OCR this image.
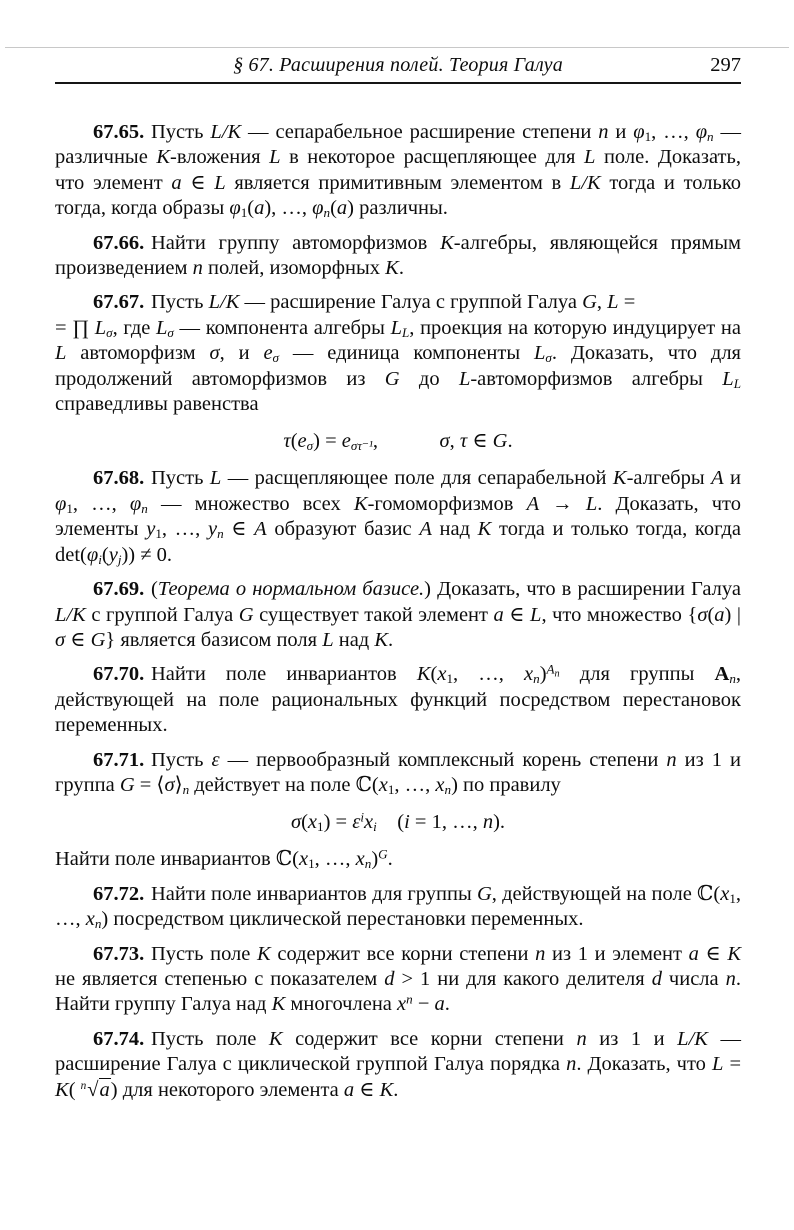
§ 67. Расширения полей. Теория Галуа	297

67.65. Пусть L/K — сепарабельное расширение степени n и $\varphi_1$, …, $\varphi_n$ — различные K-вложения L в некоторое расщепляющее для L поле. Доказать, что элемент a ∈ L является примитивным элементом в L/K тогда и только тогда, когда образы $\varphi_1(a)$, …, $\varphi_n(a)$ различны.

67.66. Найти группу автоморфизмов K-алгебры, являющейся прямым произведением n полей, изоморфных K.

67.67. Пусть L/K — расширение Галуа с группой Галуа G, L =
= ∏ $L_\sigma$, где $L_\sigma$ — компонента алгебры $L_L$, проекция на которую индуцирует на L автоморфизм σ, и $e_\sigma$ — единица компоненты $L_\sigma$. Доказать, что для продолжений автоморфизмов из G до L-автоморфизмов алгебры $L_L$ справедливы равенства

$\tau(e_\sigma) = e_{\sigma\tau^{-1}}$,   σ, τ ∈ G.

67.68. Пусть L — расщепляющее поле для сепарабельной K-алгебры A и $\varphi_1$, …, $\varphi_n$ — множество всех K-гомоморфизмов A → L. Доказать, что элементы $y_1$, …, $y_n$ ∈ A образуют базис A над K тогда и только тогда, когда $\det(\varphi_i(y_j)) \ne 0$.

67.69. (Теорема о нормальном базисе.) Доказать, что в расширении Галуа L/K с группой Галуа G существует такой элемент a ∈ L, что множество {σ(a) | σ ∈ G} является базисом поля L над K.

67.70. Найти поле инвариантов $K(x_1$, …, $x_n)^An$ для группы $A_n$, действующей на поле рациональных функций посредством перестановок переменных.

67.71. Пусть ε — первообразный комплексный корень степени n из 1 и группа $G = ⟨\sigma⟩_n$ действует на поле $ℂ(x_1$, …, $x_n$) по правилу

$\sigma(x_1) = \varepsilon^ix_i$ (i = 1, …, n).

Найти поле инвариантов $ℂ(x_1$, …, $x_n)^G$.

67.72. Найти поле инвариантов для группы G, действующей на поле $ℂ(x_1$, …, $x_n$) посредством циклической перестановки переменных.

67.73. Пусть поле K содержит все корни степени n из 1 и элемент a ∈ K не является степенью с показателем d > 1 ни для какого делителя d числа n. Найти группу Галуа над K многочлена $x^n - a$.

67.74. Пусть поле K содержит все корни степени n из 1 и L/K — расширение Галуа с циклической группой Галуа порядка n. Доказать, что L = K( $^n$√a) для некоторого элемента a ∈ K.
